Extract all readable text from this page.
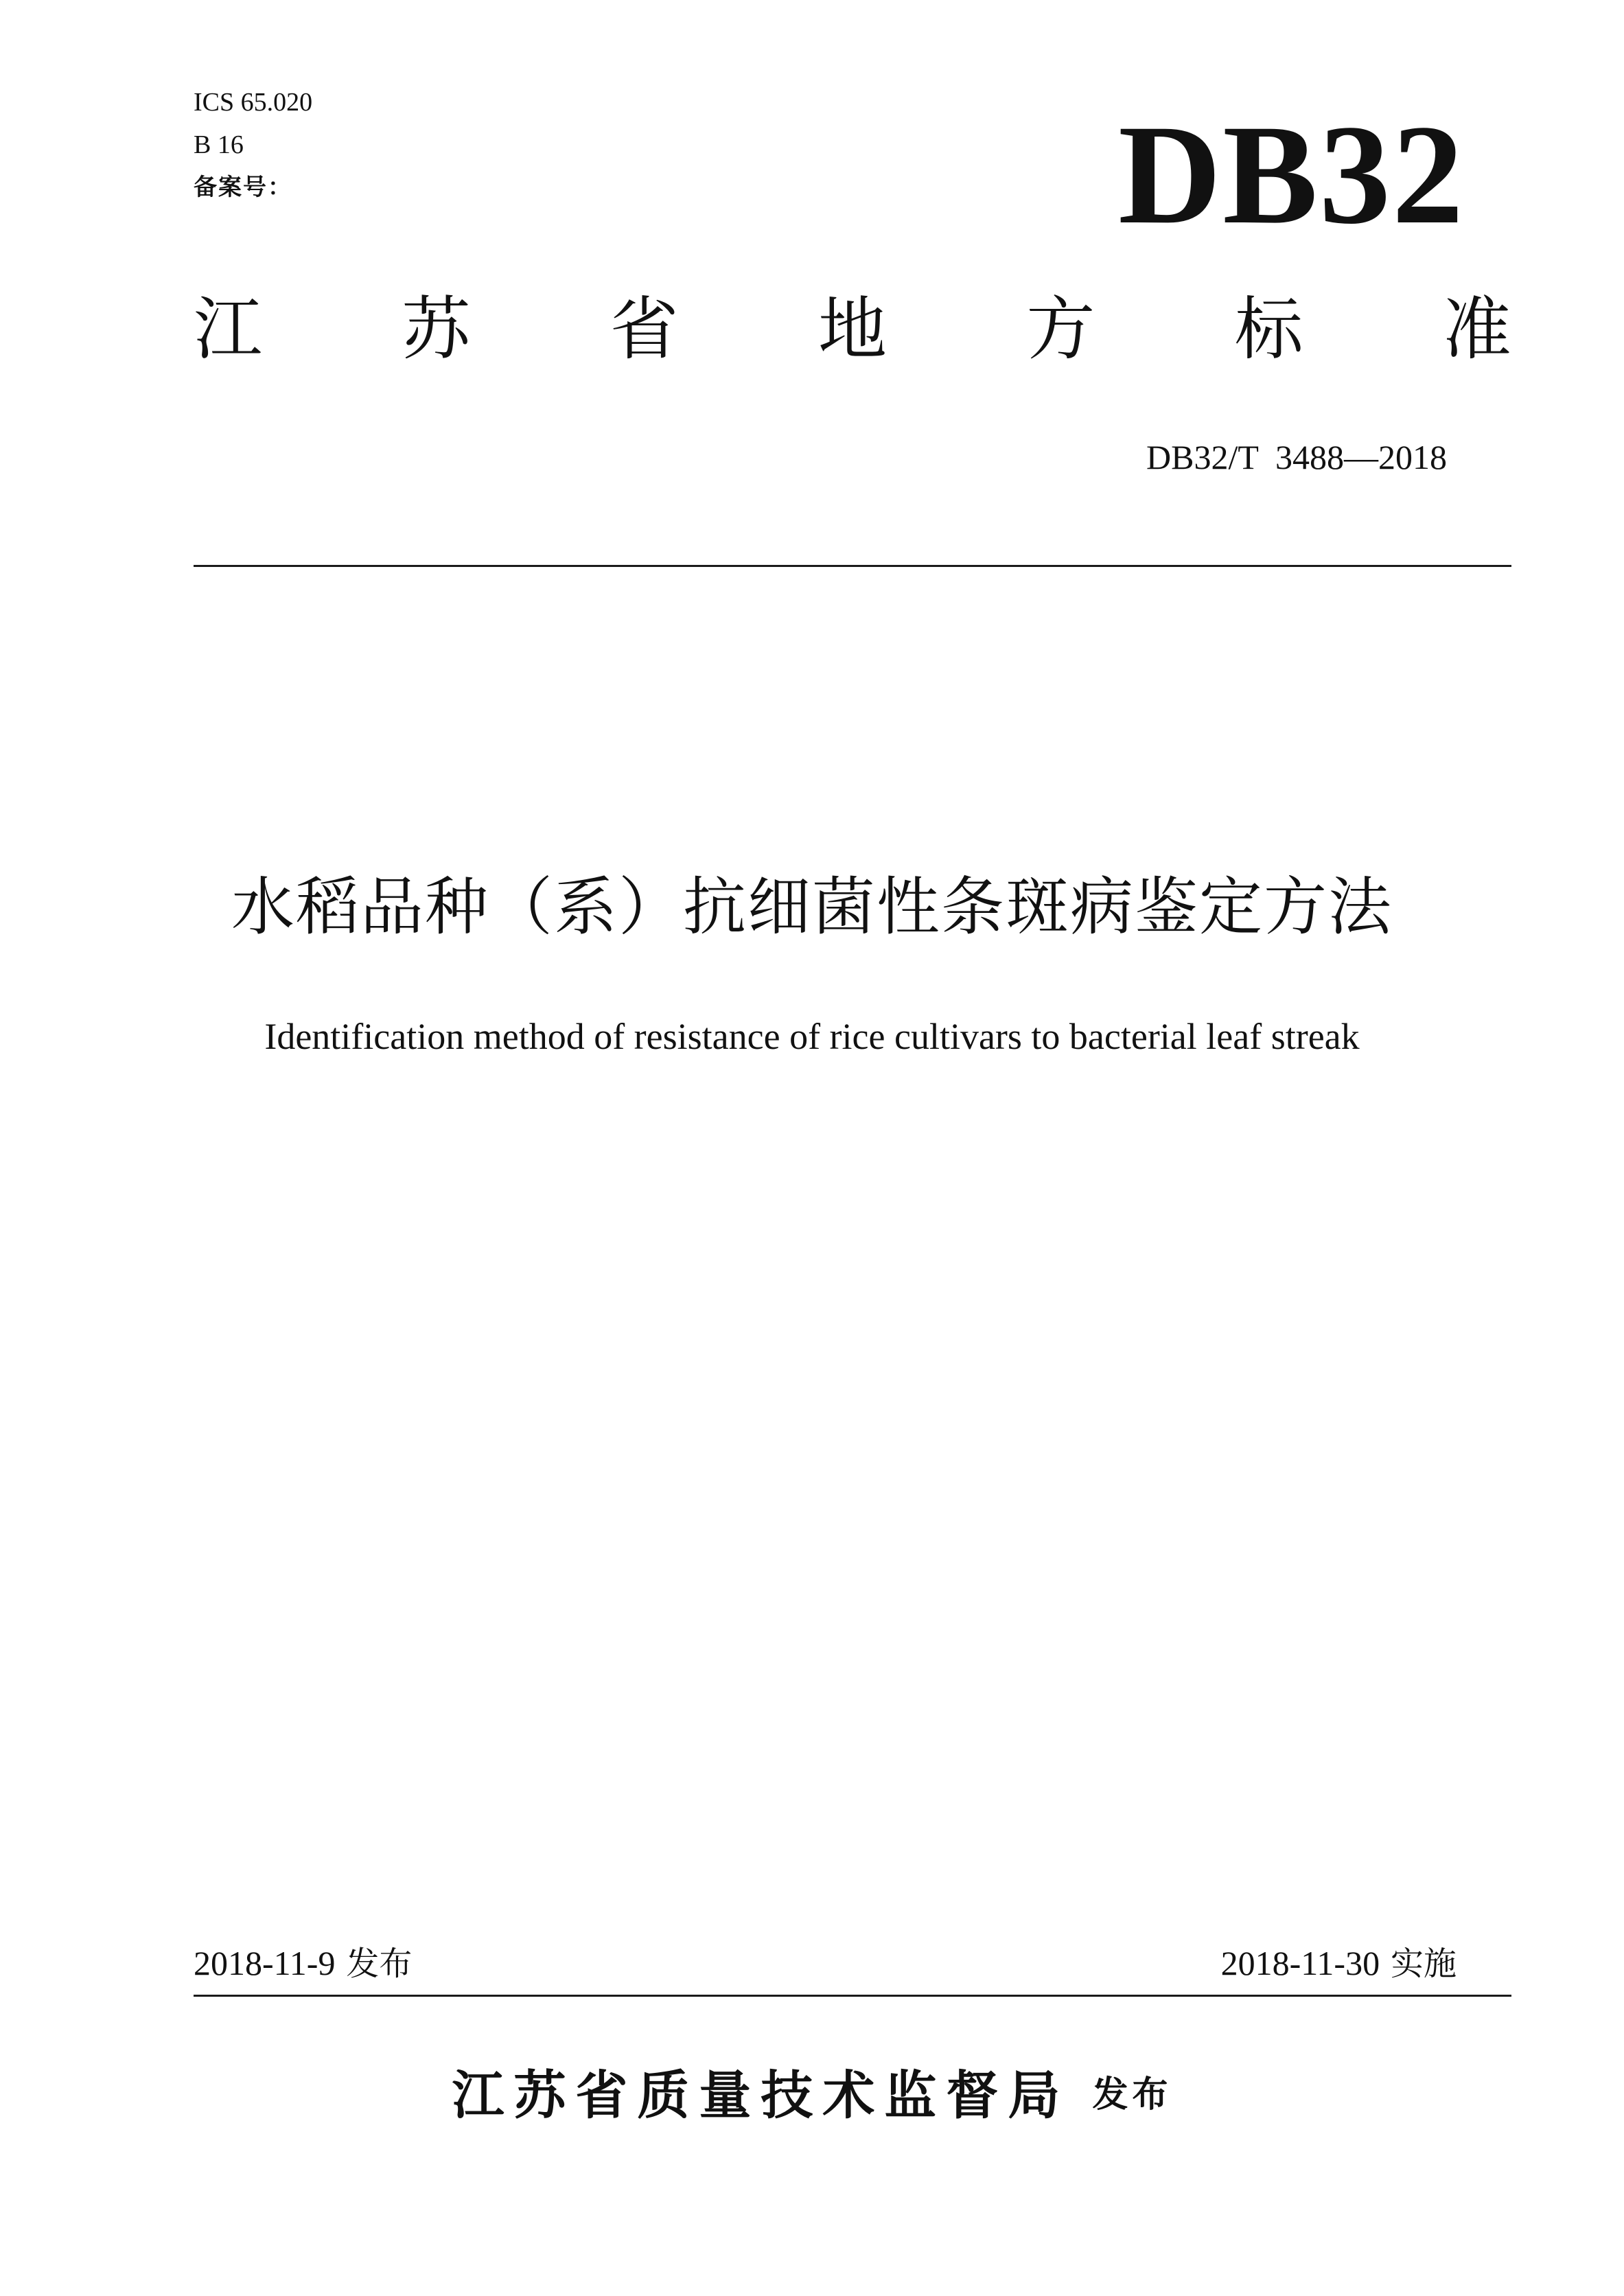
ICS 65.020
B 16
备案号：	DB32
江 苏 省 地 方 标 准
DB32/T  3488—2018
水稻品种（系）抗细菌性条斑病鉴定方法
Identification method of resistance of rice cultivars to bacterial leaf streak
2018-11-9 发布	2018-11-30 实施
江苏省质量技术监督局 发布
